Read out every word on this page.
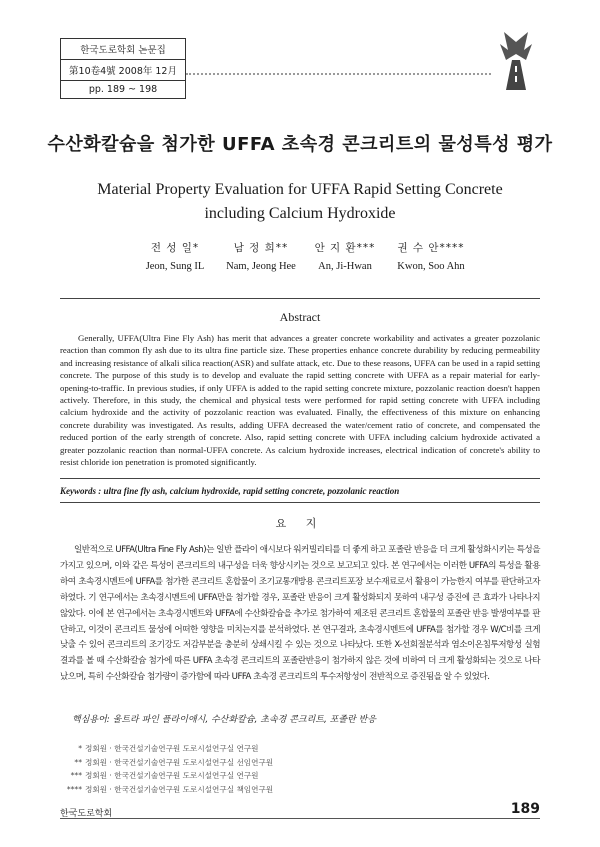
한국도로학회 논문집
第10卷4號 2008年 12月
pp. 189 ~ 198
수산화칼슘을 첨가한 UFFA 초속경 콘크리트의 물성특성 평가
Material Property Evaluation for UFFA Rapid Setting Concrete
including Calcium Hydroxide
전 성 일*
Jeon, Sung IL
남 정 희**
Nam, Jeong Hee
안 지 환***
An, Ji-Hwan
권 수 안****
Kwon, Soo Ahn
Abstract

Generally, UFFA(Ultra Fine Fly Ash) has merit that advances a greater concrete workability and activates a greater pozzolanic reaction than common fly ash due to its ultra fine particle size. These properties enhance concrete durability by reducing permeability and increasing resistance of alkali silica reaction(ASR) and sulfate attack, etc. Due to these reasons, UFFA can be used in a rapid setting concrete. The purpose of this study is to develop and evaluate the rapid setting concrete with UFFA as a repair material for early-opening-to-traffic. In previous studies, if only UFFA is added to the rapid setting concrete mixture, pozzolanic reaction doesn't happen actively. Therefore, in this study, the chemical and physical tests were performed for rapid setting concrete with UFFA including calcium hydroxide and the activity of pozzolanic reaction was evaluated. Finally, the effectiveness of this mixture on enhancing concrete durability was investigated. As results, adding UFFA decreased the water/cement ratio of concrete, and compensated the reduced portion of the early strength of concrete. Also, rapid setting concrete with UFFA including calcium hydroxide activated a greater pozzolanic reaction than normal-UFFA concrete. As calcium hydroxide increases, electrical indication of concrete's ability to resist chloride ion penetration is promoted significantly.

Keywords : ultra fine fly ash, calcium hydroxide, rapid setting concrete, pozzolanic reaction
요 지

일반적으로 UFFA(Ultra Fine Fly Ash)는 일반 플라이 애시보다 워커빌리티를 더 좋게 하고 포졸란 반응을 더 크게 활성화시키는 특성을 가지고 있으며, 이와 같은 특성이 콘크리트의 내구성을 더욱 향상시키는 것으로 보고되고 있다. 본 연구에서는 이러한 UFFA의 특성을 활용하여 초속경시멘트에 UFFA를 첨가한 콘크리트 혼합물이 조기교통개방용 콘크리트포장 보수재료로서 활용이 가능한지 여부를 판단하고자 하였다. 기 연구에서는 초속경시멘트에 UFFA만을 첨가할 경우, 포졸란 반응이 크게 활성화되지 못하여 내구성 증진에 큰 효과가 나타나지 않았다. 이에 본 연구에서는 초속경시멘트와 UFFA에 수산화칼슘을 추가로 첨가하여 제조된 콘크리트 혼합물의 포졸란 반응 발생여부를 판단하고, 이것이 콘크리트 물성에 어떠한 영향을 미치는지를 분석하였다. 본 연구결과, 초속경시멘트에 UFFA를 첨가할 경우 W/C비를 크게 낮출 수 있어 콘크리트의 조기강도 저감부분을 충분히 상쇄시킬 수 있는 것으로 나타났다. 또한 X-선회절분석과 염소이온침투저항성 실험결과를 볼 때 수산화칼슘 첨가에 따른 UFFA 초속경 콘크리트의 포졸란반응이 첨가하지 않은 것에 비하여 더 크게 활성화되는 것으로 나타났으며, 특히 수산화칼슘 첨가량이 증가함에 따라 UFFA 초속경 콘크리트의 투수저항성이 전반적으로 증진됨을 알 수 있었다.

핵심용어: 울트라 파인 플라이애시, 수산화칼슘, 초속경 콘크리트, 포졸란 반응
* 정회원 · 한국건설기술연구원 도로시설연구실 연구원
** 정회원 · 한국건설기술연구원 도로시설연구실 선임연구원
*** 정회원 · 한국건설기술연구원 도로시설연구실 연구원
**** 정회원 · 한국건설기술연구원 도로시설연구실 책임연구원
한국도로학회	189
